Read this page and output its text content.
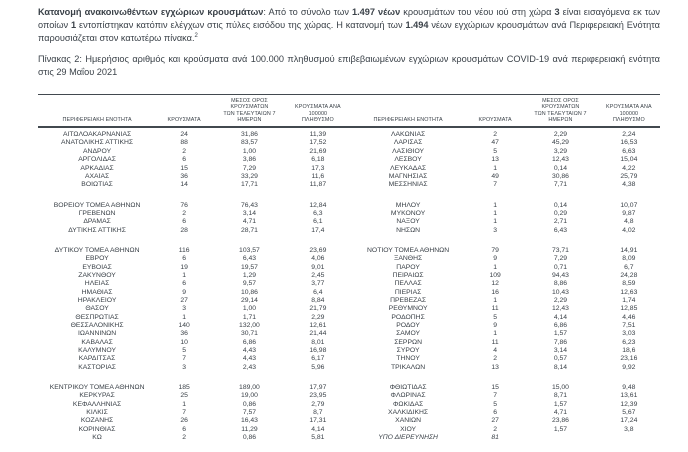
Κατανομή ανακοινωθέντων εγχώριων κρουσμάτων: Από το σύνολο των 1.497 νέων κρουσμάτων του νέου ιού στη χώρα 3 είναι εισαγόμενα εκ των οποίων 1 εντοπίστηκαν κατόπιν ελέγχων στις πύλες εισόδου της χώρας. Η κατανομή των 1.494 νέων εγχώριων κρουσμάτων ανά Περιφερειακή Ενότητα παρουσιάζεται στον κατωτέρω πίνακα.$^2$

Πίνακας 2: Ημερήσιος αριθμός και κρούσματα ανά 100.000 πληθυσμού επιβεβαιωμένων εγχώριων κρουσμάτων COVID-19 ανά περιφερειακή ενότητα στις 29 Μαΐου 2021

ΠΕΡΙΦΕΡΕΙΑΚΗ ΕΝΟΤΗΤΑ	ΚΡΟΥΣΜΑΤΑ
ΜΕΣΟΣ ΟΡΟΣ ΚΡΟΥΣΜΑΤΩΝ
ΤΩΝ ΤΕΛΕΥΤΑΙΩΝ 7
ΗΜΕΡΩΝ
ΚΡΟΥΣΜΑΤΑ ΑΝΑ 100000
ΠΛΗΘΥΣΜΟ	ΠΕΡΙΦΕΡΕΙΑΚΗ ΕΝΟΤΗΤΑ	ΚΡΟΥΣΜΑΤΑ
ΜΕΣΟΣ ΟΡΟΣ ΚΡΟΥΣΜΑΤΩΝ
ΤΩΝ ΤΕΛΕΥΤΑΙΩΝ 7
ΗΜΕΡΩΝ
ΚΡΟΥΣΜΑΤΑ ΑΝΑ 100000
ΠΛΗΘΥΣΜΟ
ΑΙΤΩΛΟΑΚΑΡΝΑΝΙΑΣ	24	31,86	11,39
ΑΝΑΤΟΛΙΚΗΣ ΑΤΤΙΚΗΣ	88	83,57	17,52
ΑΝΔΡΟΥ	2	1,00	21,69
ΑΡΓΟΛΙΔΑΣ	6	3,86	6,18
ΑΡΚΑΔΙΑΣ	15	7,29	17,3
ΑΧΑΪΑΣ	36	33,29	11,6
ΒΟΙΩΤΙΑΣ	14	17,71	11,87
ΒΟΡΕΙΟΥ ΤΟΜΕΑ ΑΘΗΝΩΝ	76	76,43	12,84
ΓΡΕΒΕΝΩΝ	2	3,14	6,3
ΔΡΑΜΑΣ	6	4,71	6,1
ΔΥΤΙΚΗΣ ΑΤΤΙΚΗΣ	28	28,71	17,4
ΔΥΤΙΚΟΥ ΤΟΜΕΑ ΑΘΗΝΩΝ	116	103,57	23,69
ΕΒΡΟΥ	6	6,43	4,06
ΕΥΒΟΙΑΣ	19	19,57	9,01
ΖΑΚΥΝΘΟΥ	1	1,29	2,45
ΗΛΕΙΑΣ	6	9,57	3,77
ΗΜΑΘΙΑΣ	9	10,86	6,4
ΗΡΑΚΛΕΙΟΥ	27	29,14	8,84
ΘΑΣΟΥ	3	1,00	21,79
ΘΕΣΠΡΩΤΙΑΣ	1	1,71	2,29
ΘΕΣΣΑΛΟΝΙΚΗΣ	140	132,00	12,61
ΙΩΑΝΝΙΝΩΝ	36	30,71	21,44
ΚΑΒΑΛΑΣ	10	6,86	8,01
ΚΑΛΥΜΝΟΥ	5	4,43	16,98
ΚΑΡΔΙΤΣΑΣ	7	4,43	6,17
ΚΑΣΤΟΡΙΑΣ	3	2,43	5,96
ΚΕΝΤΡΙΚΟΥ ΤΟΜΕΑ ΑΘΗΝΩΝ	185	189,00	17,97
ΚΕΡΚΥΡΑΣ	25	19,00	23,95
ΚΕΦΑΛΛΗΝΙΑΣ	1	0,86	2,79
ΚΙΛΚΙΣ	7	7,57	8,7
ΚΟΖΑΝΗΣ	26	16,43	17,31
ΚΟΡΙΝΘΙΑΣ	6	11,29	4,14
ΚΩ	2	0,86	5,81
ΛΑΚΩΝΙΑΣ	2	2,29	2,24
ΛΑΡΙΣΑΣ	47	45,29	16,53
ΛΑΣΙΘΙΟΥ	5	3,29	6,63
ΛΕΣΒΟΥ	13	12,43	15,04
ΛΕΥΚΑΔΑΣ	1	0,14	4,22
ΜΑΓΝΗΣΙΑΣ	49	30,86	25,79
ΜΕΣΣΗΝΙΑΣ	7	7,71	4,38
ΜΗΛΟΥ	1	0,14	10,07
ΜΥΚΟΝΟΥ	1	0,29	9,87
ΝΑΞΟΥ	1	2,71	4,8
ΝΗΣΩΝ	3	6,43	4,02
ΝΟΤΙΟΥ ΤΟΜΕΑ ΑΘΗΝΩΝ	79	73,71	14,91
ΞΑΝΘΗΣ	9	7,29	8,09
ΠΑΡΟΥ	1	0,71	6,7
ΠΕΙΡΑΙΩΣ	109	94,43	24,28
ΠΕΛΛΑΣ	12	8,86	8,59
ΠΙΕΡΙΑΣ	16	10,43	12,63
ΠΡΕΒΕΖΑΣ	1	2,29	1,74
ΡΕΘΥΜΝΟΥ	11	12,43	12,85
ΡΟΔΟΠΗΣ	5	4,14	4,46
ΡΟΔΟΥ	9	6,86	7,51
ΣΑΜΟΥ	1	1,57	3,03
ΣΕΡΡΩΝ	11	7,86	6,23
ΣΥΡΟΥ	4	3,14	18,6
ΤΗΝΟΥ	2	0,57	23,16
ΤΡΙΚΑΛΩΝ	13	8,14	9,92
ΦΘΙΩΤΙΔΑΣ	15	15,00	9,48
ΦΛΩΡΙΝΑΣ	7	8,71	13,61
ΦΩΚΙΔΑΣ	5	1,57	12,39
ΧΑΛΚΙΔΙΚΗΣ	6	4,71	5,67
ΧΑΝΙΩΝ	27	23,86	17,24
ΧΙΟΥ	2	1,57	3,8
ΥΠΟ ΔΙΕΡΕΥΝΗΣΗ	81
